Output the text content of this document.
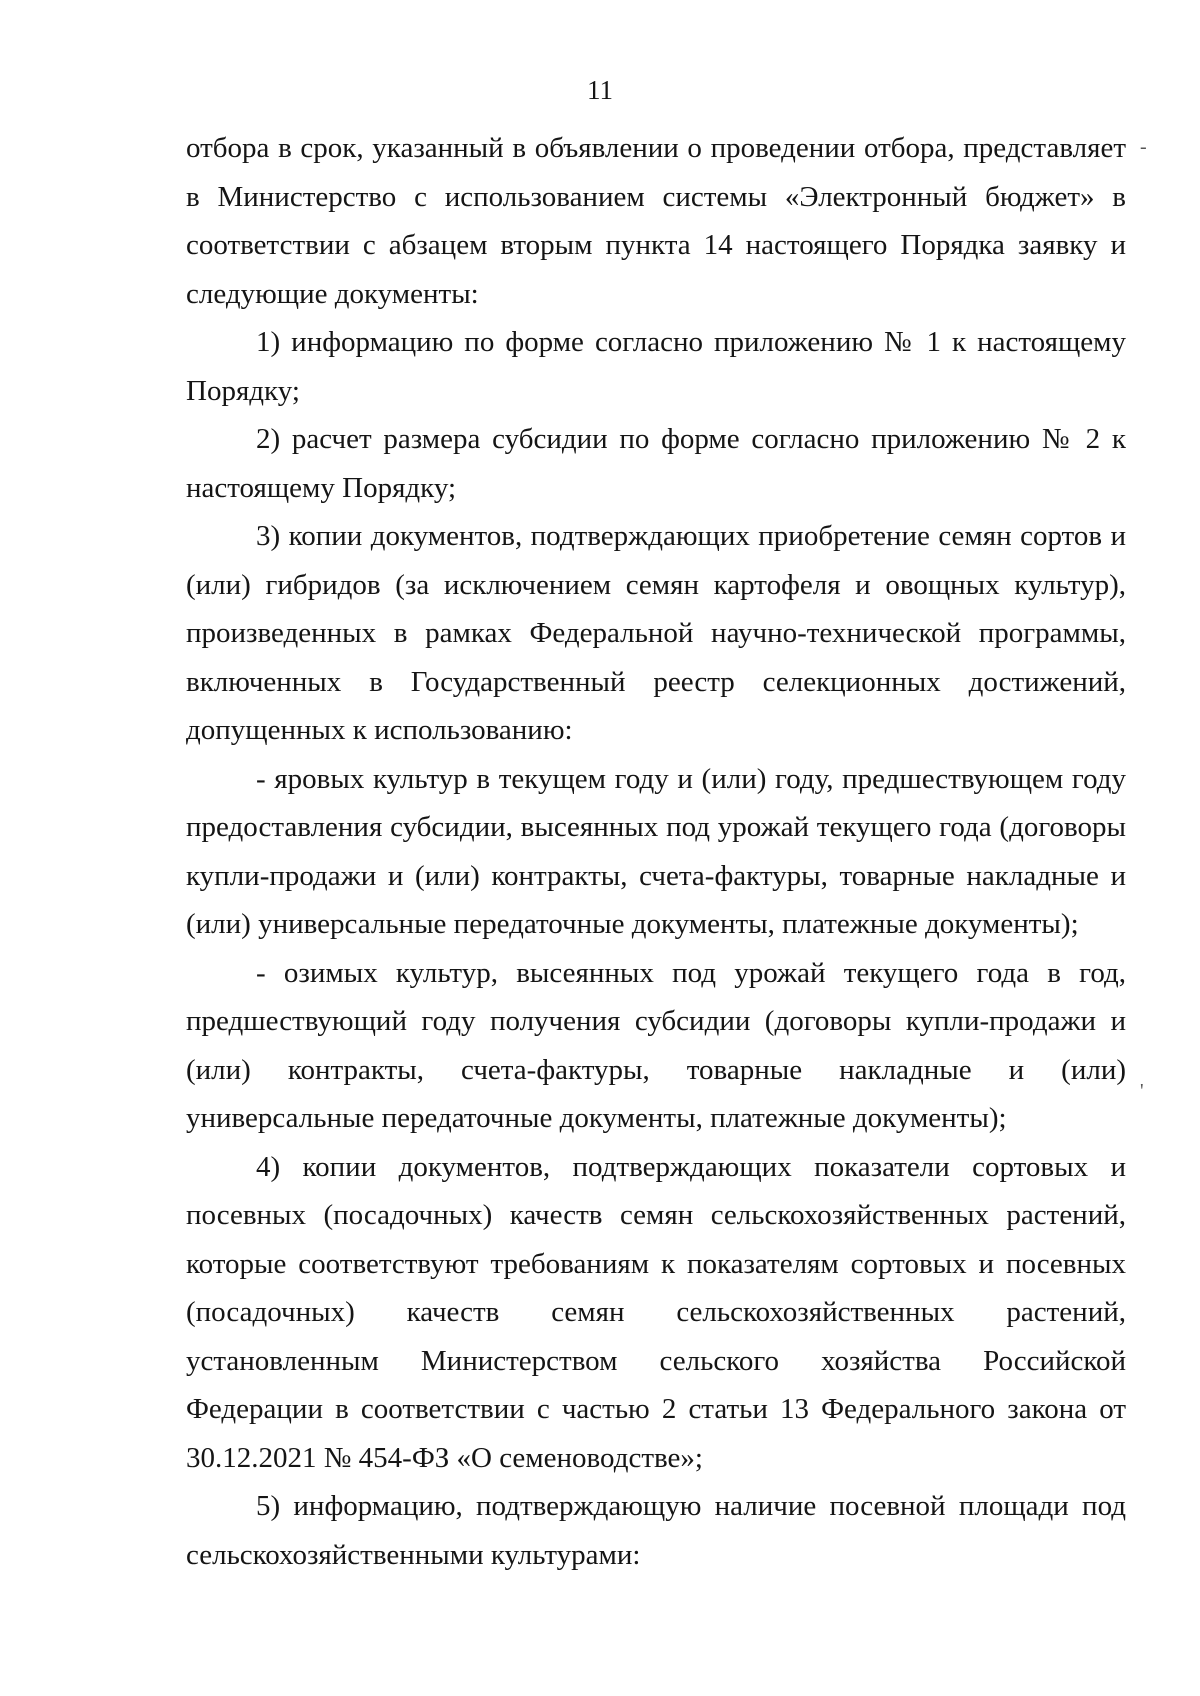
11

отбора в срок, указанный в объявлении о проведении отбора, представляет в Министерство с использованием системы «Электронный бюджет» в соответствии с абзацем вторым пункта 14 настоящего Порядка заявку и следующие документы:

1) информацию по форме согласно приложению № 1 к настоящему Порядку;

2) расчет размера субсидии по форме согласно приложению № 2 к настоящему Порядку;

3) копии документов, подтверждающих приобретение семян сортов и (или) гибридов (за исключением семян картофеля и овощных культур), произведенных в рамках Федеральной научно-технической программы, включенных в Государственный реестр селекционных достижений, допущенных к использованию:

- яровых культур в текущем году и (или) году, предшествующем году предоставления субсидии, высеянных под урожай текущего года (договоры купли-продажи и (или) контракты, счета-фактуры, товарные накладные и (или) универсальные передаточные документы, платежные документы);

- озимых культур, высеянных под урожай текущего года в год, предшествующий году получения субсидии (договоры купли-продажи и (или) контракты, счета-фактуры, товарные накладные и (или) универсальные передаточные документы, платежные документы);

4) копии документов, подтверждающих показатели сортовых и посевных (посадочных) качеств семян сельскохозяйственных растений, которые соответствуют требованиям к показателям сортовых и посевных (посадочных) качеств семян сельскохозяйственных растений, установленным Министерством сельского хозяйства Российской Федерации в соответствии с частью 2 статьи 13 Федерального закона от 30.12.2021 № 454-ФЗ «О семеноводстве»;

5) информацию, подтверждающую наличие посевной площади под сельскохозяйственными культурами:

-
'
